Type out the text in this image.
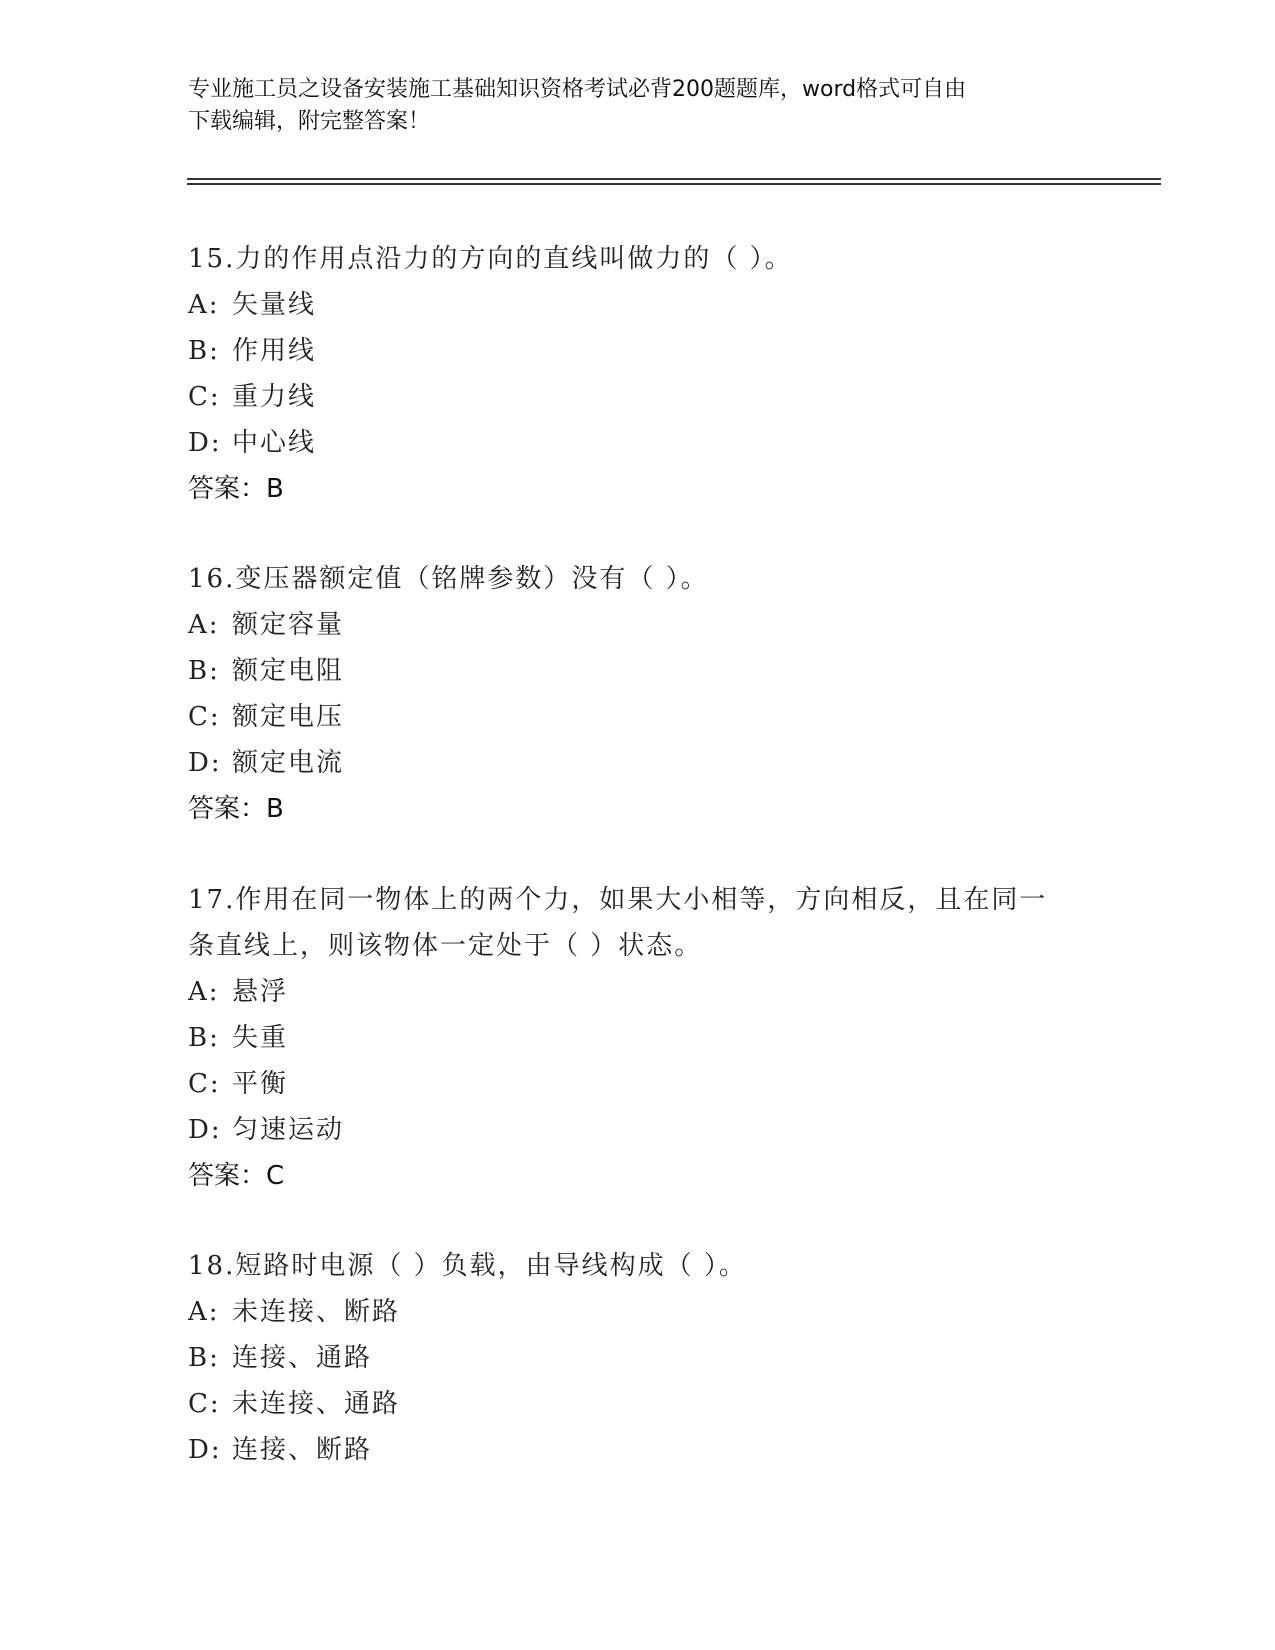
专业施工员之设备安装施工基础知识资格考试必背200题题库，word格式可自由
下载编辑，附完整答案！
15.力的作用点沿力的方向的直线叫做力的（ ）。
A: 矢量线
B: 作用线
C: 重力线
D: 中心线
答案：B
16.变压器额定值（铭牌参数）没有（ ）。
A: 额定容量
B: 额定电阻
C: 额定电压
D: 额定电流
答案：B
17.作用在同一物体上的两个力，如果大小相等，方向相反，且在同一
条直线上，则该物体一定处于（ ）状态。
A: 悬浮
B: 失重
C: 平衡
D: 匀速运动
答案：C
18.短路时电源（ ）负载，由导线构成（ ）。
A: 未连接、断路
B: 连接、通路
C: 未连接、通路
D: 连接、断路
